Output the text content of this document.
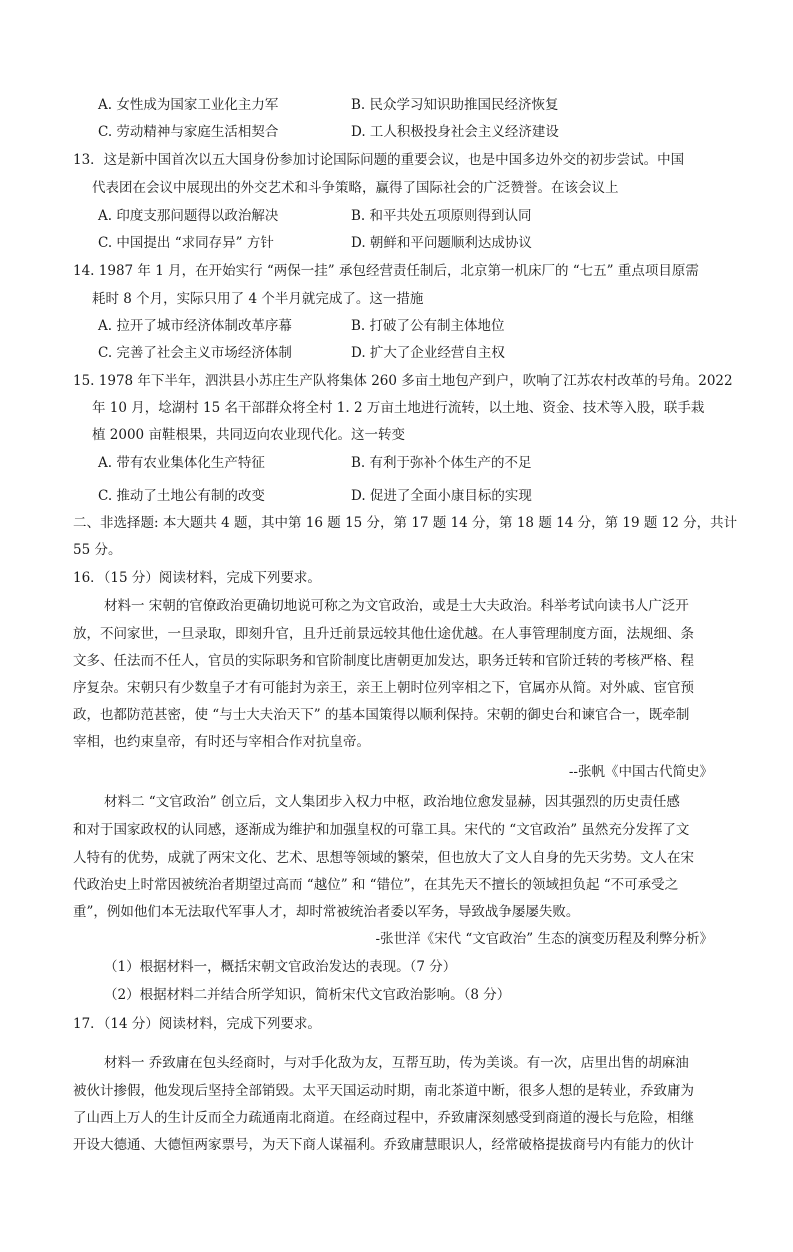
A. 女性成为国家工业化主力军	B. 民众学习知识助推国民经济恢复
C. 劳动精神与家庭生活相契合	D. 工人积极投身社会主义经济建设
13．这是新中国首次以五大国身份参加讨论国际问题的重要会议，也是中国多边外交的初步尝试。中国
代表团在会议中展现出的外交艺术和斗争策略，赢得了国际社会的广泛赞誉。在该会议上
A. 印度支那问题得以政治解决	B. 和平共处五项原则得到认同
C. 中国提出 “求同存异” 方针	D. 朝鲜和平问题顺利达成协议
14. 1987 年 1 月，在开始实行 “两保一挂” 承包经营责任制后，北京第一机床厂的 “七五” 重点项目原需
耗时 8 个月，实际只用了 4 个半月就完成了。这一措施
A. 拉开了城市经济体制改革序幕	B. 打破了公有制主体地位
C. 完善了社会主义市场经济体制	D. 扩大了企业经营自主权
15. 1978 年下半年，泗洪县小苏庄生产队将集体 260 多亩土地包产到户，吹响了江苏农村改革的号角。2022
年 10 月，埝湖村 15 名干部群众将全村 1. 2 万亩土地进行流转，以土地、资金、技术等入股，联手栽
植 2000 亩鞋根果，共同迈向农业现代化。这一转变
A. 带有农业集体化生产特征	B. 有利于弥补个体生产的不足
C. 推动了土地公有制的改变	D. 促进了全面小康目标的实现
二、非选择题: 本大题共 4 题，其中第 16 题 15 分，第 17 题 14 分，第 18 题 14 分，第 19 题 12 分，共计
55 分。
16．（15 分）阅读材料，完成下列要求。
材料一 宋朝的官僚政治更确切地说可称之为文官政治，或是士大夫政治。科举考试向读书人广泛开
放，不问家世，一旦录取，即刻升官，且升迁前景远较其他仕途优越。在人事管理制度方面，法规细、条
文多、任法而不任人，官员的实际职务和官阶制度比唐朝更加发达，职务迁转和官阶迁转的考核严格、程
序复杂。宋朝只有少数皇子才有可能封为亲王，亲王上朝时位列宰相之下，官属亦从简。对外戚、宦官预
政，也都防范甚密，使 “与士大夫治天下” 的基本国策得以顺利保持。宋朝的御史台和谏官合一，既牵制
宰相，也约束皇帝，有时还与宰相合作对抗皇帝。
--张帆《中国古代简史》
材料二 “文官政治” 创立后，文人集团步入权力中枢，政治地位愈发显赫，因其强烈的历史责任感
和对于国家政权的认同感，逐渐成为维护和加强皇权的可靠工具。宋代的 “文官政治” 虽然充分发挥了文
人特有的优势，成就了两宋文化、艺术、思想等领域的繁荣，但也放大了文人自身的先天劣势。文人在宋
代政治史上时常因被统治者期望过高而 “越位” 和 “错位”，在其先天不擅长的领域担负起 “不可承受之
重”，例如他们本无法取代军事人才，却时常被统治者委以军务，导致战争屡屡失败。
-张世洋《宋代 “文官政治” 生态的演变历程及利弊分析》
（1）根据材料一，概括宋朝文官政治发达的表现。（7 分）
（2）根据材料二并结合所学知识，简析宋代文官政治影响。（8 分）
17．（14 分）阅读材料，完成下列要求。
材料一 乔致庸在包头经商时，与对手化敌为友，互帮互助，传为美谈。有一次，店里出售的胡麻油
被伙计掺假，他发现后坚持全部销毁。太平天国运动时期，南北茶道中断，很多人想的是转业，乔致庸为
了山西上万人的生计反而全力疏通南北商道。在经商过程中，乔致庸深刻感受到商道的漫长与危险，相继
开设大德通、大德恒两家票号，为天下商人谋福利。乔致庸慧眼识人，经常破格提拔商号内有能力的伙计
